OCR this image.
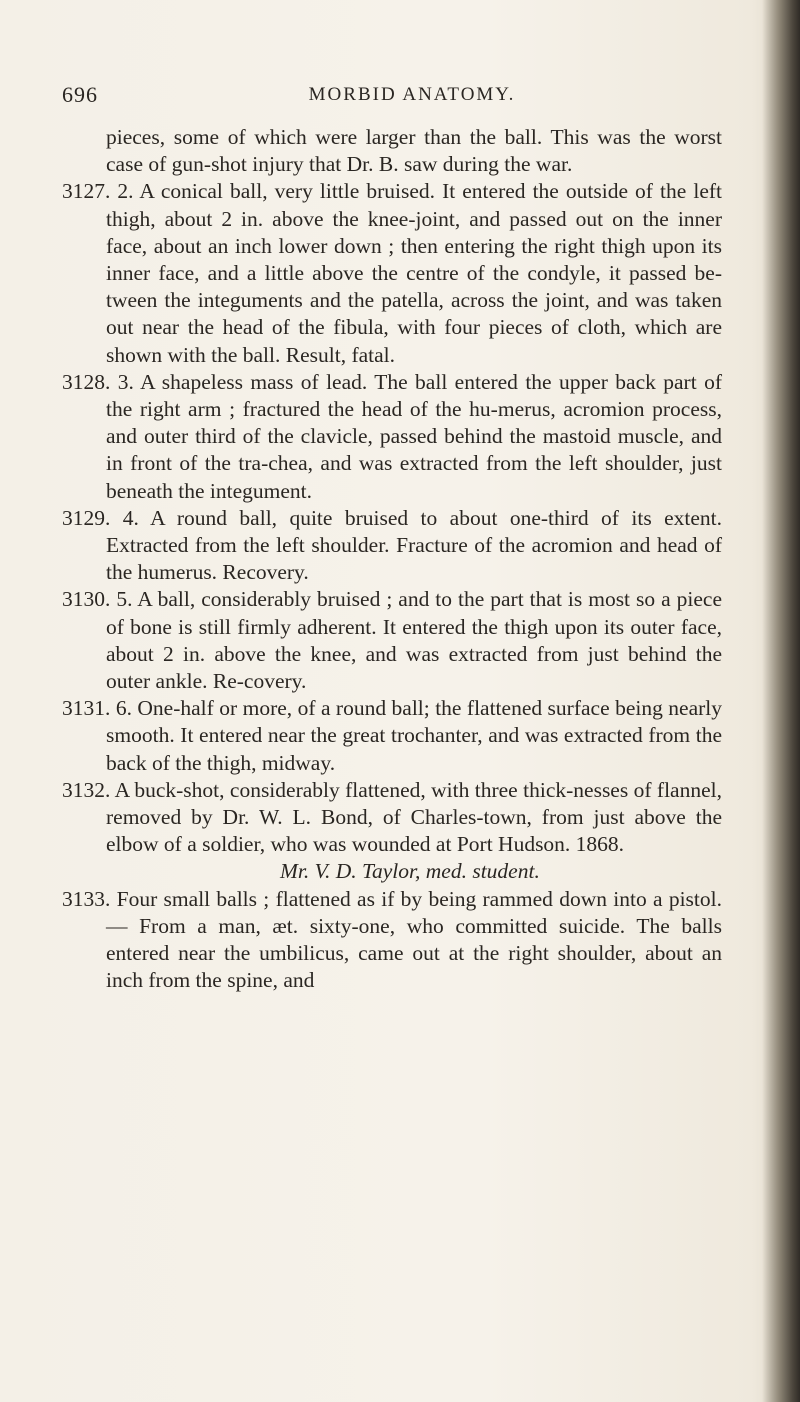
696	MORBID ANATOMY.

pieces, some of which were larger than the ball. This was the worst case of gun-shot injury that Dr. B. saw during the war.

3127. 2. A conical ball, very little bruised. It entered the outside of the left thigh, about 2 in. above the knee-joint, and passed out on the inner face, about an inch lower down ; then entering the right thigh upon its inner face, and a little above the centre of the condyle, it passed be-tween the integuments and the patella, across the joint, and was taken out near the head of the fibula, with four pieces of cloth, which are shown with the ball. Result, fatal.

3128. 3. A shapeless mass of lead. The ball entered the upper back part of the right arm ; fractured the head of the hu-merus, acromion process, and outer third of the clavicle, passed behind the mastoid muscle, and in front of the tra-chea, and was extracted from the left shoulder, just beneath the integument.

3129. 4. A round ball, quite bruised to about one-third of its extent. Extracted from the left shoulder. Fracture of the acromion and head of the humerus. Recovery.

3130. 5. A ball, considerably bruised ; and to the part that is most so a piece of bone is still firmly adherent. It entered the thigh upon its outer face, about 2 in. above the knee, and was extracted from just behind the outer ankle. Re-covery.

3131. 6. One-half or more, of a round ball; the flattened surface being nearly smooth. It entered near the great trochanter, and was extracted from the back of the thigh, midway.

3132. A buck-shot, considerably flattened, with three thick-nesses of flannel, removed by Dr. W. L. Bond, of Charles-town, from just above the elbow of a soldier, who was wounded at Port Hudson. 1868.

Mr. V. D. Taylor, med. student.

3133. Four small balls ; flattened as if by being rammed down into a pistol. — From a man, æt. sixty-one, who committed suicide. The balls entered near the umbilicus, came out at the right shoulder, about an inch from the spine, and
